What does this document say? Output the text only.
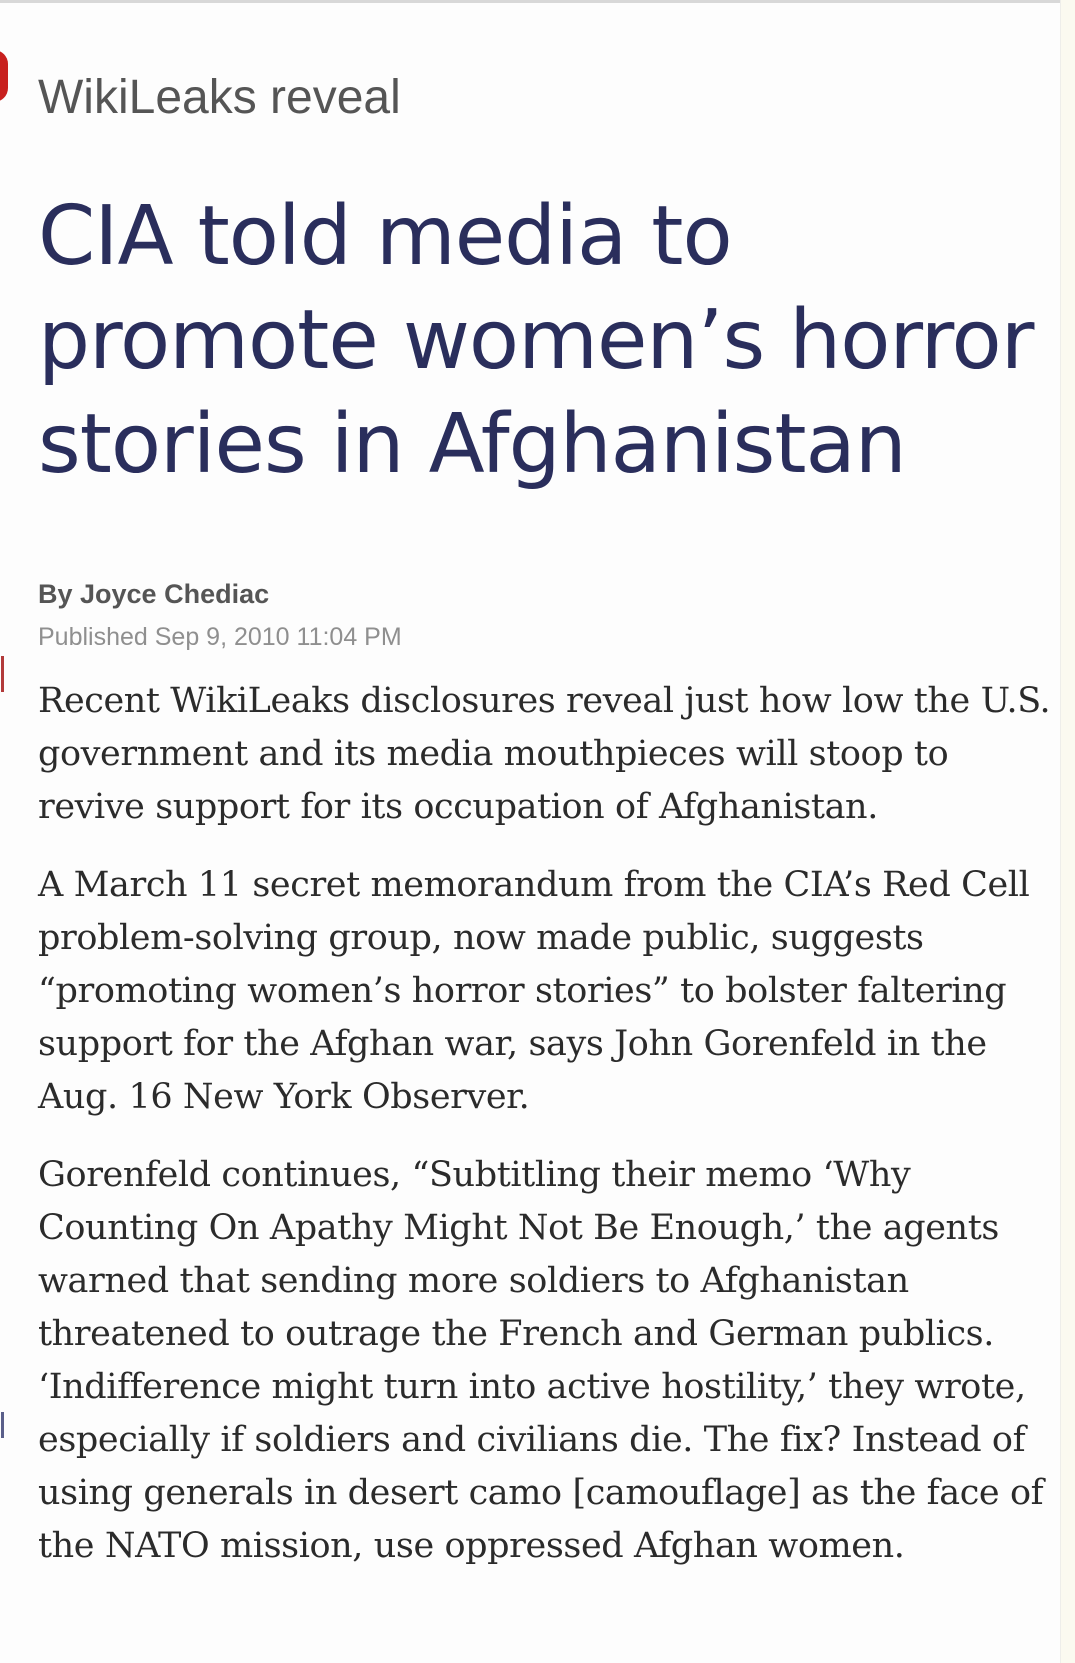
WikiLeaks reveal
CIA told media to promote women’s horror stories in Afghanistan
By Joyce Chediac
Published Sep 9, 2010 11:04 PM

Recent WikiLeaks disclosures reveal just how low the U.S. government and its media mouthpieces will stoop to revive support for its occupation of Afghanistan.

A March 11 secret memorandum from the CIA’s Red Cell problem-solving group, now made public, suggests “promoting women’s horror stories” to bolster faltering support for the Afghan war, says John Gorenfeld in the Aug. 16 New York Observer.

Gorenfeld continues, “Subtitling their memo ‘Why Counting On Apathy Might Not Be Enough,’ the agents warned that sending more soldiers to Afghanistan threatened to outrage the French and German publics. ‘Indifference might turn into active hostility,’ they wrote, especially if soldiers and civilians die. The fix? Instead of using generals in desert camo [camouflage] as the face of the NATO mission, use oppressed Afghan women.
